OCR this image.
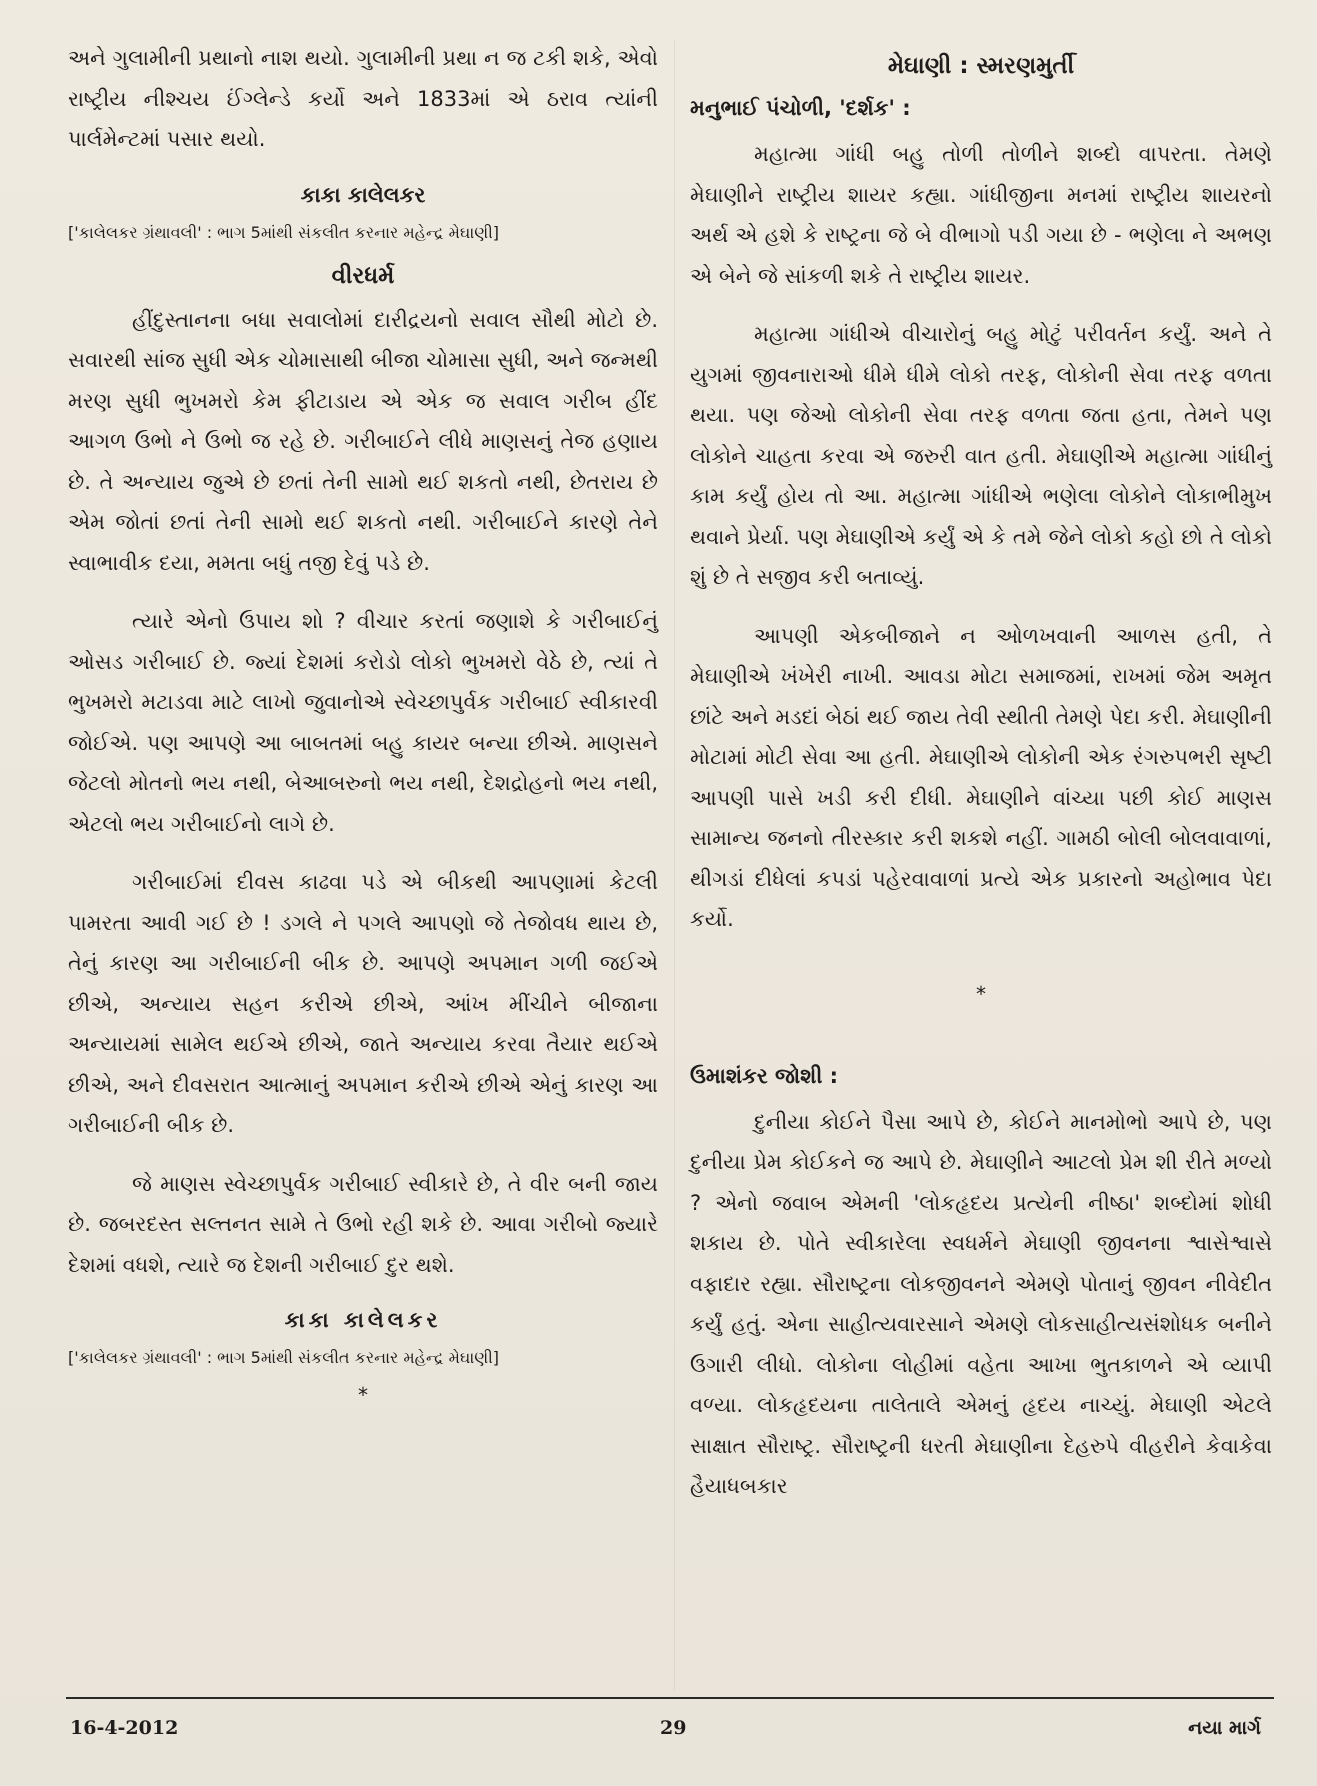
અને ગુલામીની પ્રથાનો નાશ થયો. ગુલામીની પ્રથા ન જ ટકી શકે, એવો રાષ્ટ્રીય નીશ્ચય ઈંગ્લેન્ડે કર્યો અને 1833માં એ ઠરાવ ત્યાંની પાર્લમેન્ટમાં પસાર થયો.

કાકા કાલેલકર
['કાલેલકર ગ્રંથાવલી' : ભાગ 5માંથી સંકલીત કરનાર મહેન્દ્ર મેઘાણી]
વીરધર્મ

હીંદુસ્તાનના બધા સવાલોમાં દારીદ્રયનો સવાલ સૌથી મોટો છે. સવારથી સાંજ સુધી એક ચોમાસાથી બીજા ચોમાસા સુધી, અને જન્મથી મરણ સુધી ભુખમરો કેમ ફીટાડાય એ એક જ સવાલ ગરીબ હીંદ આગળ ઉભો ને ઉભો જ રહે છે. ગરીબાઈને લીધે માણસનું તેજ હણાય છે. તે અન્યાય જુએ છે છતાં તેની સામો થઈ શકતો નથી, છેતરાય છે એમ જોતાં છતાં તેની સામો થઈ શકતો નથી. ગરીબાઈને કારણે તેને સ્વાભાવીક દયા, મમતા બધું તજી દેવું પડે છે.

ત્યારે એનો ઉપાય શો ? વીચાર કરતાં જણાશે કે ગરીબાઈનું ઓસડ ગરીબાઈ છે. જ્યાં દેશમાં કરોડો લોકો ભુખમરો વેઠે છે, ત્યાં તે ભુખમરો મટાડવા માટે લાખો જુવાનોએ સ્વેચ્છાપુર્વક ગરીબાઈ સ્વીકારવી જોઈએ. પણ આપણે આ બાબતમાં બહુ કાયર બન્યા છીએ. માણસને જેટલો મોતનો ભય નથી, બેઆબરુનો ભય નથી, દેશદ્રોહનો ભય નથી, એટલો ભય ગરીબાઈનો લાગે છે.

ગરીબાઈમાં દીવસ કાઢવા પડે એ બીકથી આપણામાં કેટલી પામરતા આવી ગઈ છે ! ડગલે ને પગલે આપણો જે તેજોવધ થાય છે, તેનું કારણ આ ગરીબાઈની બીક છે. આપણે અપમાન ગળી જઈએ છીએ, અન્યાય સહન કરીએ છીએ, આંખ મીંચીને બીજાના અન્યાયમાં સામેલ થઈએ છીએ, જાતે અન્યાય કરવા તૈયાર થઈએ છીએ, અને દીવસરાત આત્માનું અપમાન કરીએ છીએ એનું કારણ આ ગરીબાઈની બીક છે.

જે માણસ સ્વેચ્છાપુર્વક ગરીબાઈ સ્વીકારે છે, તે વીર બની જાય છે. જબરદસ્ત સલ્તનત સામે તે ઉભો રહી શકે છે. આવા ગરીબો જ્યારે દેશમાં વધશે, ત્યારે જ દેશની ગરીબાઈ દુર થશે.

કાકા કાલેલકર
['કાલેલકર ગ્રંથાવલી' : ભાગ 5માંથી સંકલીત કરનાર મહેન્દ્ર મેઘાણી]
*
મેઘાણી : સ્મરણમુર્તી
મનુભાઈ પંચોળી, 'દર્શક' :

મહાત્મા ગાંધી બહુ તોળી તોળીને શબ્દો વાપરતા. તેમણે મેઘાણીને રાષ્ટ્રીય શાયર કહ્યા. ગાંધીજીના મનમાં રાષ્ટ્રીય શાયરનો અર્થ એ હશે કે રાષ્ટ્રના જે બે વીભાગો પડી ગયા છે - ભણેલા ને અભણ એ બેને જે સાંકળી શકે તે રાષ્ટ્રીય શાયર.

મહાત્મા ગાંધીએ વીચારોનું બહુ મોટું પરીવર્તન કર્યું. અને તે યુગમાં જીવનારાઓ ધીમે ધીમે લોકો તરફ, લોકોની સેવા તરફ વળતા થયા. પણ જેઓ લોકોની સેવા તરફ વળતા જતા હતા, તેમને પણ લોકોને ચાહતા કરવા એ જરુરી વાત હતી. મેઘાણીએ મહાત્મા ગાંધીનું કામ કર્યું હોય તો આ. મહાત્મા ગાંધીએ ભણેલા લોકોને લોકાભીમુખ થવાને પ્રેર્યા. પણ મેઘાણીએ કર્યું એ કે તમે જેને લોકો કહો છો તે લોકો શું છે તે સજીવ કરી બતાવ્યું.

આપણી એકબીજાને ન ઓળખવાની આળસ હતી, તે મેઘાણીએ ખંખેરી નાખી. આવડા મોટા સમાજમાં, રાખમાં જેમ અમૃત છાંટે અને મડદાં બેઠાં થઈ જાય તેવી સ્થીતી તેમણે પેદા કરી. મેઘાણીની મોટામાં મોટી સેવા આ હતી. મેઘાણીએ લોકોની એક રંગરુપભરી સૃષ્ટી આપણી પાસે ખડી કરી દીધી. મેઘાણીને વાંચ્યા પછી કોઈ માણસ સામાન્ય જનનો તીરસ્કાર કરી શકશે નહીં. ગામઠી બોલી બોલવાવાળાં, થીગડાં દીધેલાં કપડાં પહેરવાવાળાં પ્રત્યે એક પ્રકારનો અહોભાવ પેદા કર્યો.

*
ઉમાશંકર જોશી :

દુનીયા કોઈને પૈસા આપે છે, કોઈને માનમોભો આપે છે, પણ દુનીયા પ્રેમ કોઈકને જ આપે છે. મેઘાણીને આટલો પ્રેમ શી રીતે મળ્યો ? એનો જવાબ એમની 'લોકહૃદય પ્રત્યેની નીષ્ઠા' શબ્દોમાં શોધી શકાય છે. પોતે સ્વીકારેલા સ્વધર્મને મેઘાણી જીવનના શ્વાસેશ્વાસે વફાદાર રહ્યા. સૌરાષ્ટ્રના લોકજીવનને એમણે પોતાનું જીવન નીવેદીત કર્યું હતું. એના સાહીત્યવારસાને એમણે લોકસાહીત્યસંશોધક બનીને ઉગારી લીધો. લોકોના લોહીમાં વહેતા આખા ભુતકાળને એ વ્યાપી વળ્યા. લોકહૃદયના તાલેતાલે એમનું હૃદય નાચ્યું. મેઘાણી એટલે સાક્ષાત સૌરાષ્ટ્ર. સૌરાષ્ટ્રની ધરતી મેઘાણીના દેહરુપે વીહરીને કેવાકેવા હૈયાધબકાર

16-4-2012	29	નયા માર્ગ
